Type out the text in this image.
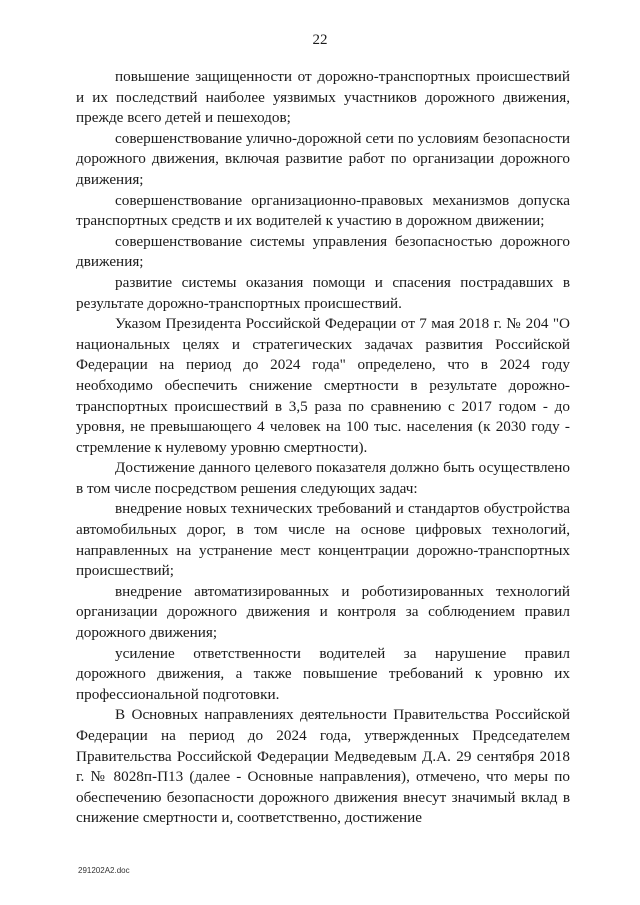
22

повышение защищенности от дорожно-транспортных происшествий и их последствий наиболее уязвимых участников дорожного движения, прежде всего детей и пешеходов;

совершенствование улично-дорожной сети по условиям безопасности дорожного движения, включая развитие работ по организации дорожного движения;

совершенствование организационно-правовых механизмов допуска транспортных средств и их водителей к участию в дорожном движении;

совершенствование системы управления безопасностью дорожного движения;

развитие системы оказания помощи и спасения пострадавших в результате дорожно-транспортных происшествий.

Указом Президента Российской Федерации от 7 мая 2018 г. № 204 "О национальных целях и стратегических задачах развития Российской Федерации на период до 2024 года" определено, что в 2024 году необходимо обеспечить снижение смертности в результате дорожно-транспортных происшествий в 3,5 раза по сравнению с 2017 годом - до уровня, не превышающего 4 человек на 100 тыс. населения (к 2030 году - стремление к нулевому уровню смертности).

Достижение данного целевого показателя должно быть осуществлено в том числе посредством решения следующих задач:

внедрение новых технических требований и стандартов обустройства автомобильных дорог, в том числе на основе цифровых технологий, направленных на устранение мест концентрации дорожно-транспортных происшествий;

внедрение автоматизированных и роботизированных технологий организации дорожного движения и контроля за соблюдением правил дорожного движения;

усиление ответственности водителей за нарушение правил дорожного движения, а также повышение требований к уровню их профессиональной подготовки.

В Основных направлениях деятельности Правительства Российской Федерации на период до 2024 года, утвержденных Председателем Правительства Российской Федерации Медведевым Д.А. 29 сентября 2018 г. № 8028п-П13 (далее - Основные направления), отмечено, что меры по обеспечению безопасности дорожного движения внесут значимый вклад в снижение смертности и, соответственно, достижение

291202A2.doc
